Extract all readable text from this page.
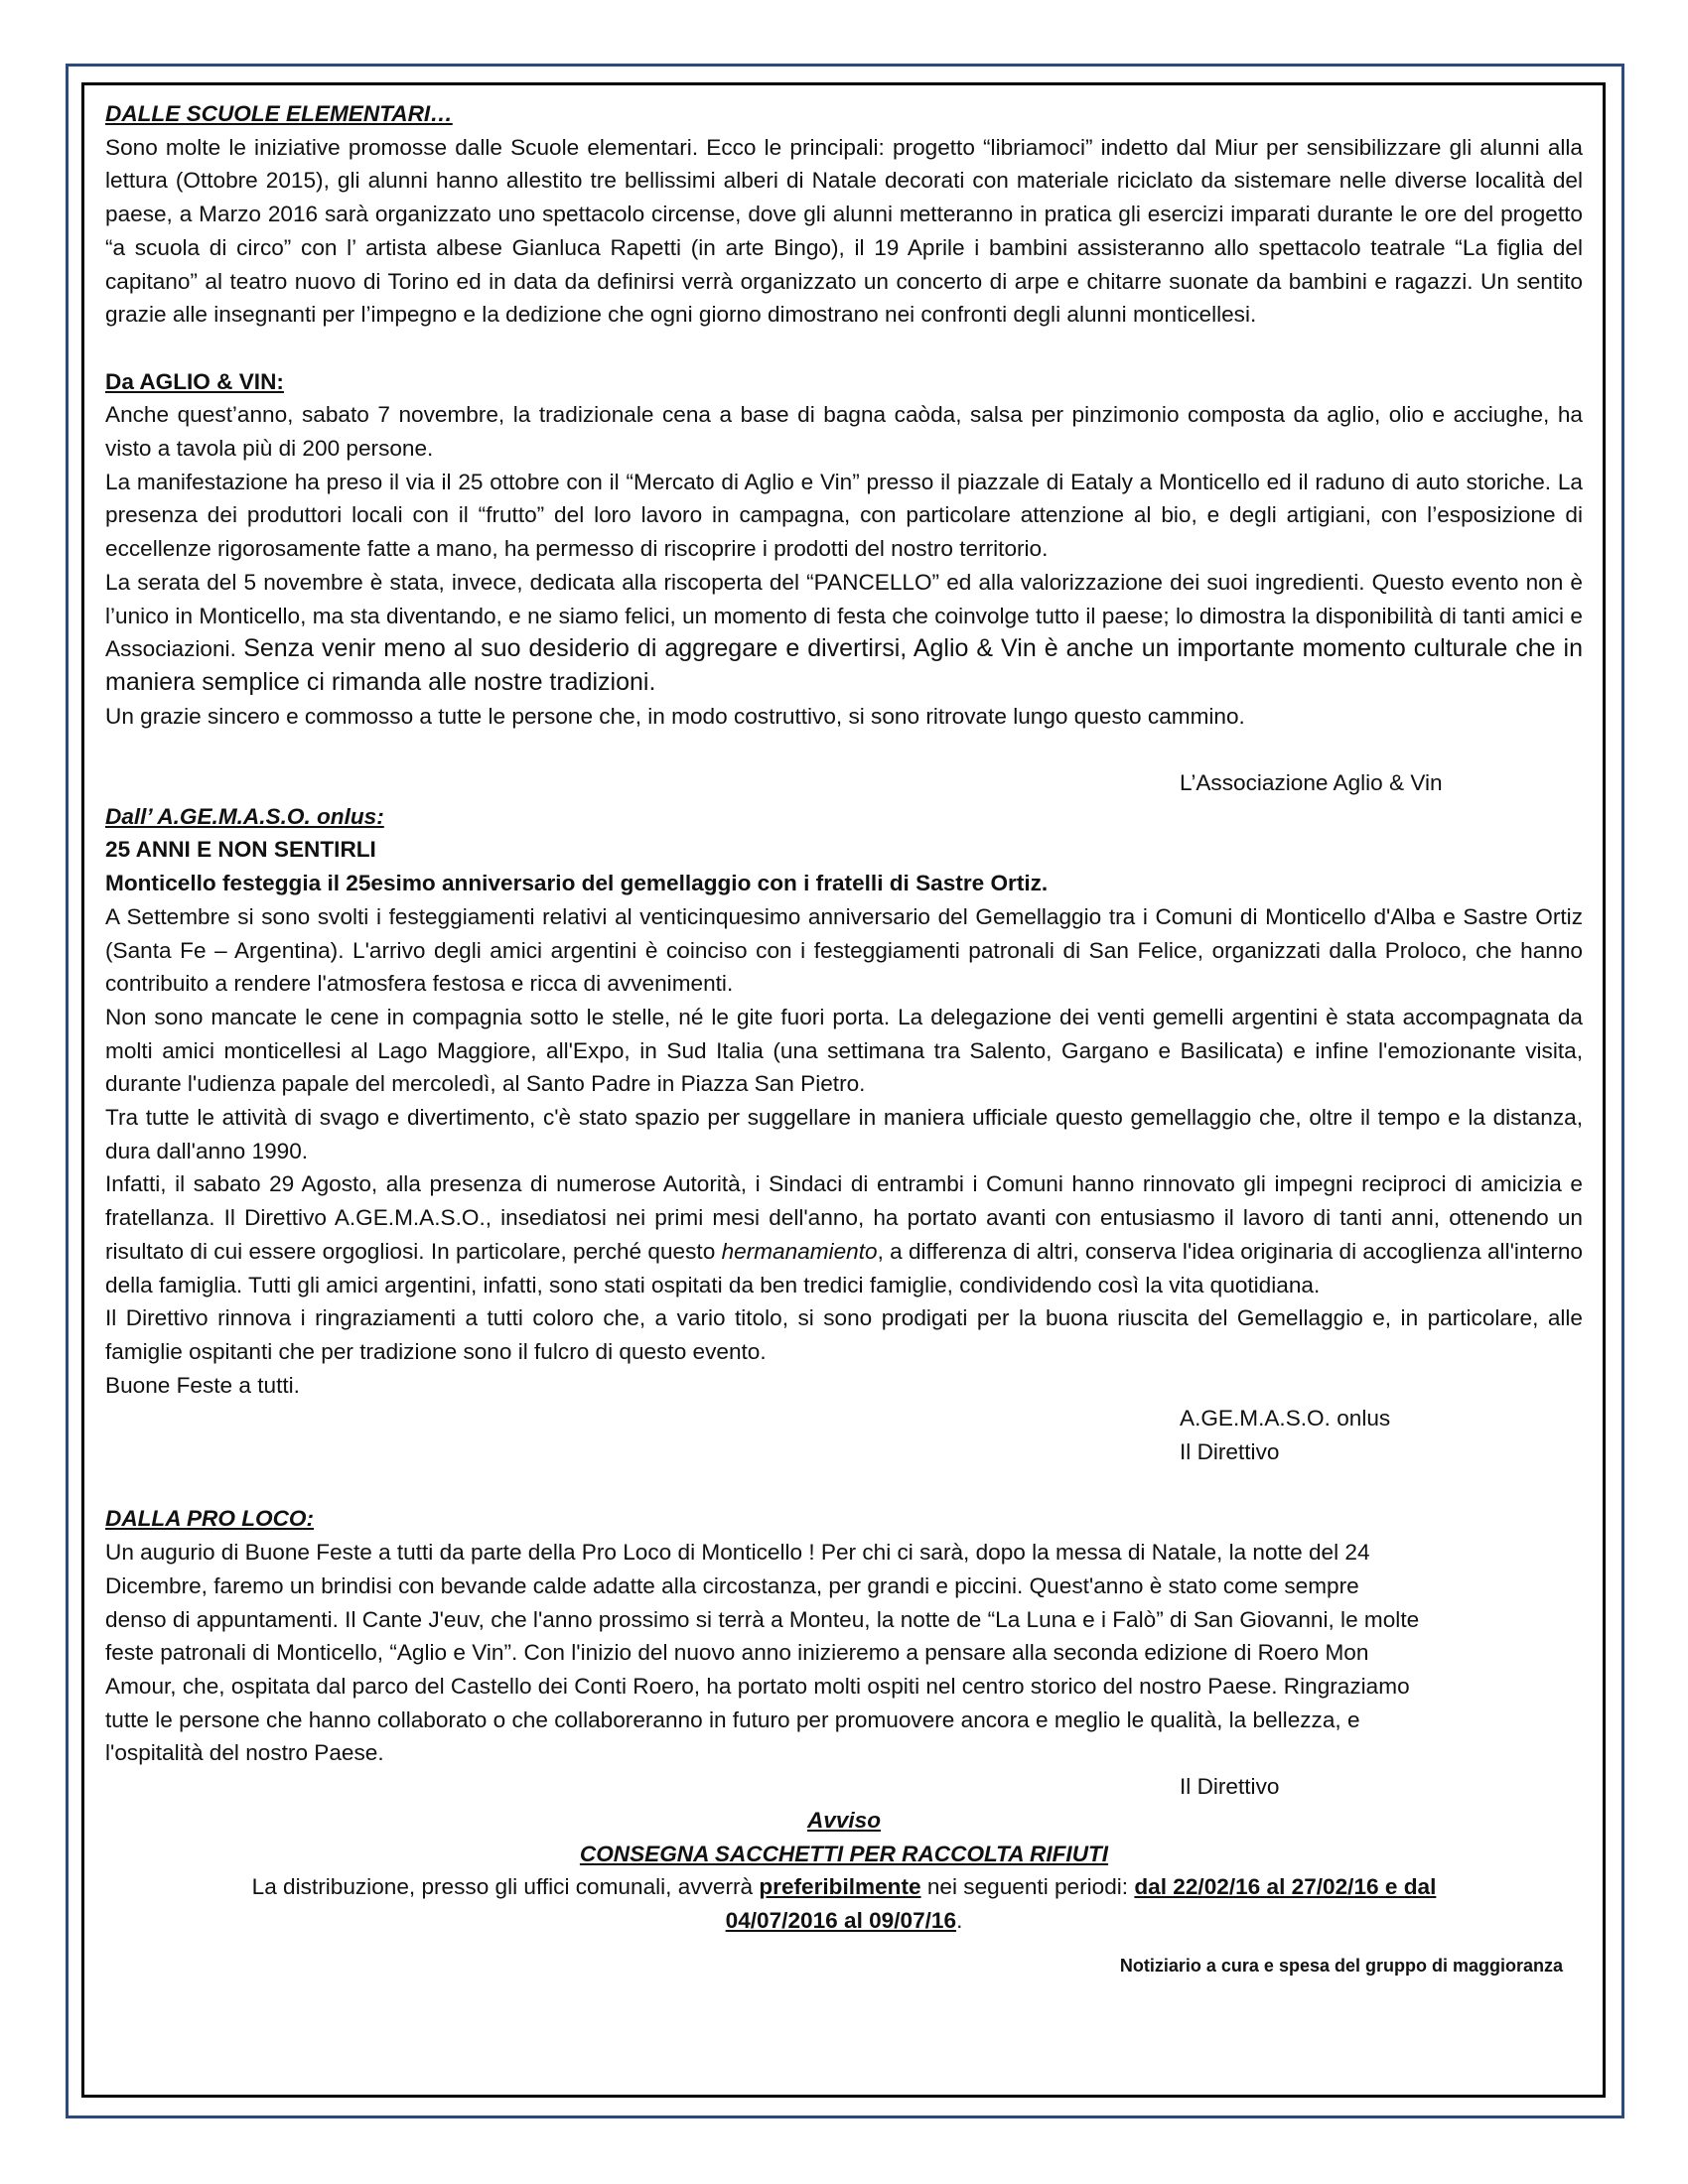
DALLE SCUOLE ELEMENTARI…

Sono molte le iniziative promosse dalle Scuole elementari. Ecco le principali: progetto “libriamoci” indetto dal Miur per sensibilizzare gli alunni alla lettura (Ottobre 2015), gli alunni hanno allestito tre bellissimi alberi di Natale decorati con materiale riciclato da sistemare nelle diverse località del paese, a Marzo 2016 sarà organizzato uno spettacolo circense, dove gli alunni metteranno in pratica gli esercizi imparati durante le ore del progetto “a scuola di circo” con l’ artista albese Gianluca Rapetti (in arte Bingo), il 19 Aprile i bambini assisteranno allo spettacolo teatrale “La figlia del capitano” al teatro nuovo di Torino ed in data da definirsi verrà organizzato un concerto di arpe e chitarre suonate da bambini e ragazzi. Un sentito grazie alle insegnanti per l’impegno e la dedizione che ogni giorno dimostrano nei confronti degli alunni monticellesi.

Da AGLIO & VIN:

Anche quest’anno, sabato 7 novembre, la tradizionale cena a base di bagna caòda, salsa per pinzimonio composta da aglio, olio e acciughe, ha visto a tavola più di 200 persone.

La manifestazione ha preso il via il 25 ottobre con il “Mercato di Aglio e Vin” presso il piazzale di Eataly a Monticello ed il raduno di auto storiche. La presenza dei produttori locali con il “frutto” del loro lavoro in campagna, con particolare attenzione al bio, e degli artigiani, con l’esposizione di eccellenze rigorosamente fatte a mano, ha permesso di riscoprire i prodotti del nostro territorio.

La serata del 5 novembre è stata, invece, dedicata alla riscoperta del “PANCELLO” ed alla valorizzazione dei suoi ingredienti. Questo evento non è l’unico in Monticello, ma sta diventando, e ne siamo felici, un momento di festa che coinvolge tutto il paese; lo dimostra la disponibilità di tanti amici e Associazioni. Senza venir meno al suo desiderio di aggregare e divertirsi, Aglio & Vin è anche un importante momento culturale che in maniera semplice ci rimanda alle nostre tradizioni.

Un grazie sincero e commosso a tutte le persone che, in modo costruttivo, si sono ritrovate lungo questo cammino.

L’Associazione Aglio & Vin

Dall’ A.GE.M.A.S.O. onlus:

25 ANNI E NON SENTIRLI

Monticello festeggia il 25esimo anniversario del gemellaggio con i fratelli di Sastre Ortiz.

A Settembre si sono svolti i festeggiamenti relativi al venticinquesimo anniversario del Gemellaggio tra i Comuni di Monticello d'Alba e Sastre Ortiz (Santa Fe – Argentina). L'arrivo degli amici argentini è coinciso con i festeggiamenti patronali di San Felice, organizzati dalla Proloco, che hanno contribuito a rendere l'atmosfera festosa e ricca di avvenimenti.

Non sono mancate le cene in compagnia sotto le stelle, né le gite fuori porta. La delegazione dei venti gemelli argentini è stata accompagnata da molti amici monticellesi al Lago Maggiore, all'Expo, in Sud Italia (una settimana tra Salento, Gargano e Basilicata) e infine l'emozionante visita, durante l'udienza papale del mercoledì, al Santo Padre in Piazza San Pietro.

Tra tutte le attività di svago e divertimento, c'è stato spazio per suggellare in maniera ufficiale questo gemellaggio che, oltre il tempo e la distanza, dura dall'anno 1990.

Infatti, il sabato 29 Agosto, alla presenza di numerose Autorità, i Sindaci di entrambi i Comuni hanno rinnovato gli impegni reciproci di amicizia e fratellanza. Il Direttivo A.GE.M.A.S.O., insediatosi nei primi mesi dell'anno, ha portato avanti con entusiasmo il lavoro di tanti anni, ottenendo un risultato di cui essere orgogliosi. In particolare, perché questo hermanamiento, a differenza di altri, conserva l'idea originaria di accoglienza all'interno della famiglia. Tutti gli amici argentini, infatti, sono stati ospitati da ben tredici famiglie, condividendo così la vita quotidiana.

Il Direttivo rinnova i ringraziamenti a tutti coloro che, a vario titolo, si sono prodigati per la buona riuscita del Gemellaggio e, in particolare, alle famiglie ospitanti che per tradizione sono il fulcro di questo evento.

Buone Feste a tutti.

A.GE.M.A.S.O. onlus

Il Direttivo

DALLA PRO LOCO:

Un augurio di Buone Feste a tutti da parte della Pro Loco di Monticello ! Per chi ci sarà, dopo la messa di Natale, la notte del 24

Dicembre, faremo un brindisi con bevande calde adatte alla circostanza, per grandi e piccini. Quest'anno è stato come sempre

denso di appuntamenti. Il Cante J'euv, che l'anno prossimo si terrà a Monteu, la notte de “La Luna e i Falò” di San Giovanni, le molte

feste patronali di Monticello, “Aglio e Vin”. Con l'inizio del nuovo anno inizieremo a pensare alla seconda edizione di Roero Mon

Amour, che, ospitata dal parco del Castello dei Conti Roero, ha portato molti ospiti nel centro storico del nostro Paese. Ringraziamo

tutte le persone che hanno collaborato o che collaboreranno in futuro per promuovere ancora e meglio le qualità, la bellezza, e

l'ospitalità del nostro Paese.

Il Direttivo

Avviso

CONSEGNA SACCHETTI PER RACCOLTA RIFIUTI

La distribuzione, presso gli uffici comunali, avverrà preferibilmente nei seguenti periodi: dal 22/02/16 al 27/02/16 e dal
04/07/2016 al 09/07/16.

Notiziario a cura e spesa del gruppo di maggioranza
